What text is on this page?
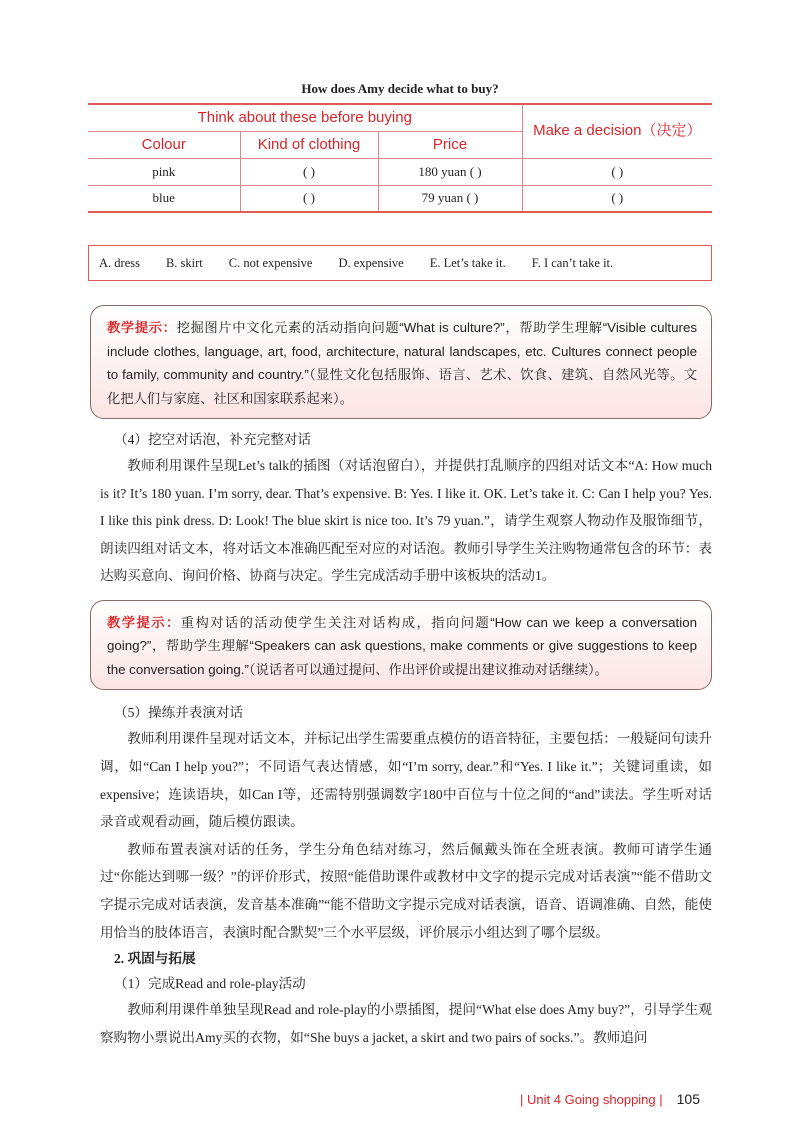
How does Amy decide what to buy?
Think about these before buying			Make a decision（决定）
Colour	Kind of clothing	Price	
pink	( )	180 yuan ( )	( )
blue	( )	79 yuan ( )	( )
A. dress B. skirt C. not expensive D. expensive E. Let’s take it. F. I can’t take it.
教学提示：挖掘图片中文化元素的活动指向问题“What is culture?”，帮助学生理解“Visible cultures include clothes, language, art, food, architecture, natural landscapes, etc. Cultures connect people to family, community and country.”（显性文化包括服饰、语言、艺术、饮食、建筑、自然风光等。文化把人们与家庭、社区和国家联系起来）。
（4）挖空对话泡，补充完整对话
教师利用课件呈现Let’s talk的插图（对话泡留白），并提供打乱顺序的四组对话文本“A: How much is it? It’s 180 yuan. I’m sorry, dear. That’s expensive. B: Yes. I like it. OK. Let’s take it. C: Can I help you? Yes. I like this pink dress. D: Look! The blue skirt is nice too. It’s 79 yuan.”，请学生观察人物动作及服饰细节，朗读四组对话文本，将对话文本准确匹配至对应的对话泡。教师引导学生关注购物通常包含的环节：表达购买意向、询问价格、协商与决定。学生完成活动手册中该板块的活动1。
教学提示：重构对话的活动使学生关注对话构成，指向问题“How can we keep a conversation going?”，帮助学生理解“Speakers can ask questions, make comments or give suggestions to keep the conversation going.”（说话者可以通过提问、作出评价或提出建议推动对话继续）。
（5）操练并表演对话
教师利用课件呈现对话文本，并标记出学生需要重点模仿的语音特征，主要包括：一般疑问句读升调，如“Can I help you?”；不同语气表达情感，如“I’m sorry, dear.”和“Yes. I like it.”；关键词重读，如expensive；连读语块，如Can I等，还需特别强调数字180中百位与十位之间的“and”读法。学生听对话录音或观看动画，随后模仿跟读。
教师布置表演对话的任务，学生分角色结对练习，然后佩戴头饰在全班表演。教师可请学生通过“你能达到哪一级？”的评价形式，按照“能借助课件或教材中文字的提示完成对话表演”“能不借助文字提示完成对话表演，发音基本准确”“能不借助文字提示完成对话表演，语音、语调准确、自然，能使用恰当的肢体语言，表演时配合默契”三个水平层级，评价展示小组达到了哪个层级。
2. 巩固与拓展
（1）完成Read and role-play活动
教师利用课件单独呈现Read and role-play的小票插图，提问“What else does Amy buy?”，引导学生观察购物小票说出Amy买的衣物，如“She buys a jacket, a skirt and two pairs of socks.”。教师追问
| Unit 4 Going shopping | 105
